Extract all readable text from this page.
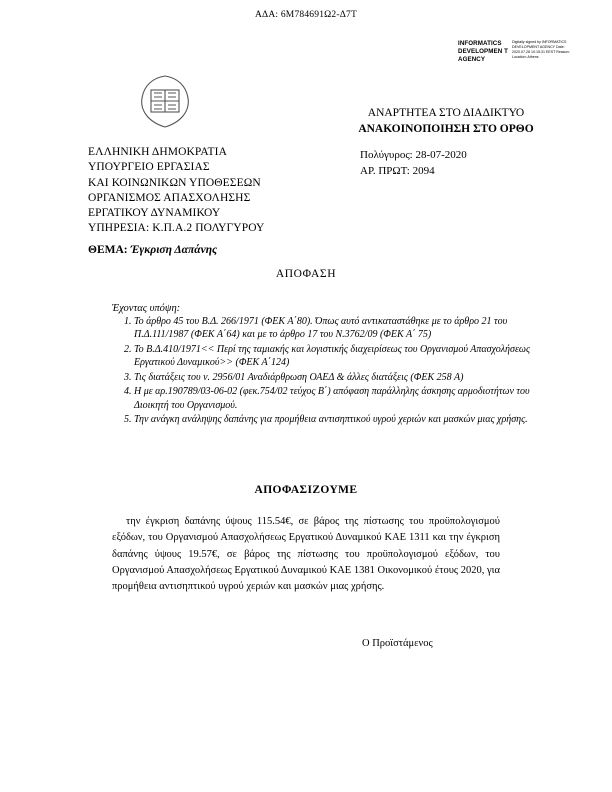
ΑΔΑ: 6Μ784691Ω2-Δ7Τ
INFORMATICS DEVELOPMEN T AGENCY
Digitally signed by INFORMATICS DEVELOPMENT AGENCY Date: 2020.07.28 10:15:31 EEST Reason: Location: Athens
ΑΝΑΡΤΗΤΕΑ ΣΤΟ ΔΙΑΔΙΚΤΥΟ
ΑΝΑΚΟΙΝΟΠΟΙΗΣΗ ΣΤΟ ΟΡΘΟ
ΕΛΛΗΝΙΚΗ ΔΗΜΟΚΡΑΤΙΑ
ΥΠΟΥΡΓΕΙΟ ΕΡΓΑΣΙΑΣ
ΚΑΙ ΚΟΙΝΩΝΙΚΩΝ ΥΠΟΘΕΣΕΩΝ
ΟΡΓΑΝΙΣΜΟΣ ΑΠΑΣΧΟΛΗΣΗΣ
ΕΡΓΑΤΙΚΟΥ ΔΥΝΑΜΙΚΟΥ
ΥΠΗΡΕΣΙΑ: Κ.Π.Α.2 ΠΟΛΥΓΥΡΟΥ
Πολύγυρος: 28-07-2020
ΑΡ. ΠΡΩΤ: 2094
ΘΕΜΑ: Έγκριση Δαπάνης
ΑΠΟΦΑΣΗ
Έχοντας υπόψη:
1. Το άρθρο 45 του Β.Δ. 266/1971 (ΦΕΚ Α΄80). Όπως αυτό αντικαταστάθηκε με το άρθρο 21 του Π.Δ.111/1987 (ΦΕΚ Α΄64) και με το άρθρο 17 του Ν.3762/09 (ΦΕΚ Α΄ 75)
2. Το Β.Δ.410/1971<< Περί της ταμιακής και λογιστικής διαχειρίσεως του Οργανισμού Απασχολήσεως Εργατικού Δυναμικού>> (ΦΕΚ Α΄124)
3. Τις διατάξεις του ν. 2956/01 Αναδιάρθρωση ΟΑΕΔ & άλλες διατάξεις (ΦΕΚ 258 Α)
4. Η με αρ.190789/03-06-02 (φεκ.754/02 τεύχος Β΄) απόφαση παράλληλης άσκησης αρμοδιοτήτων του Διοικητή του Οργανισμού.
5. Την ανάγκη ανάληψης δαπάνης για προμήθεια αντισηπτικού υγρού χεριών και μασκών μιας χρήσης.
ΑΠΟΦΑΣΙΖΟΥΜΕ
την έγκριση δαπάνης ύψους 115.54€, σε βάρος της πίστωσης του προϋπολογισμού εξόδων, του Οργανισμού Απασχολήσεως Εργατικού Δυναμικού ΚΑΕ 1311 και την έγκριση δαπάνης ύψους 19.57€, σε βάρος της πίστωσης του προϋπολογισμού εξόδων, του Οργανισμού Απασχολήσεως Εργατικού Δυναμικού ΚΑΕ 1381 Οικονομικού έτους 2020, για προμήθεια αντισηπτικού υγρού χεριών και μασκών μιας χρήσης.
Ο Προϊστάμενος
